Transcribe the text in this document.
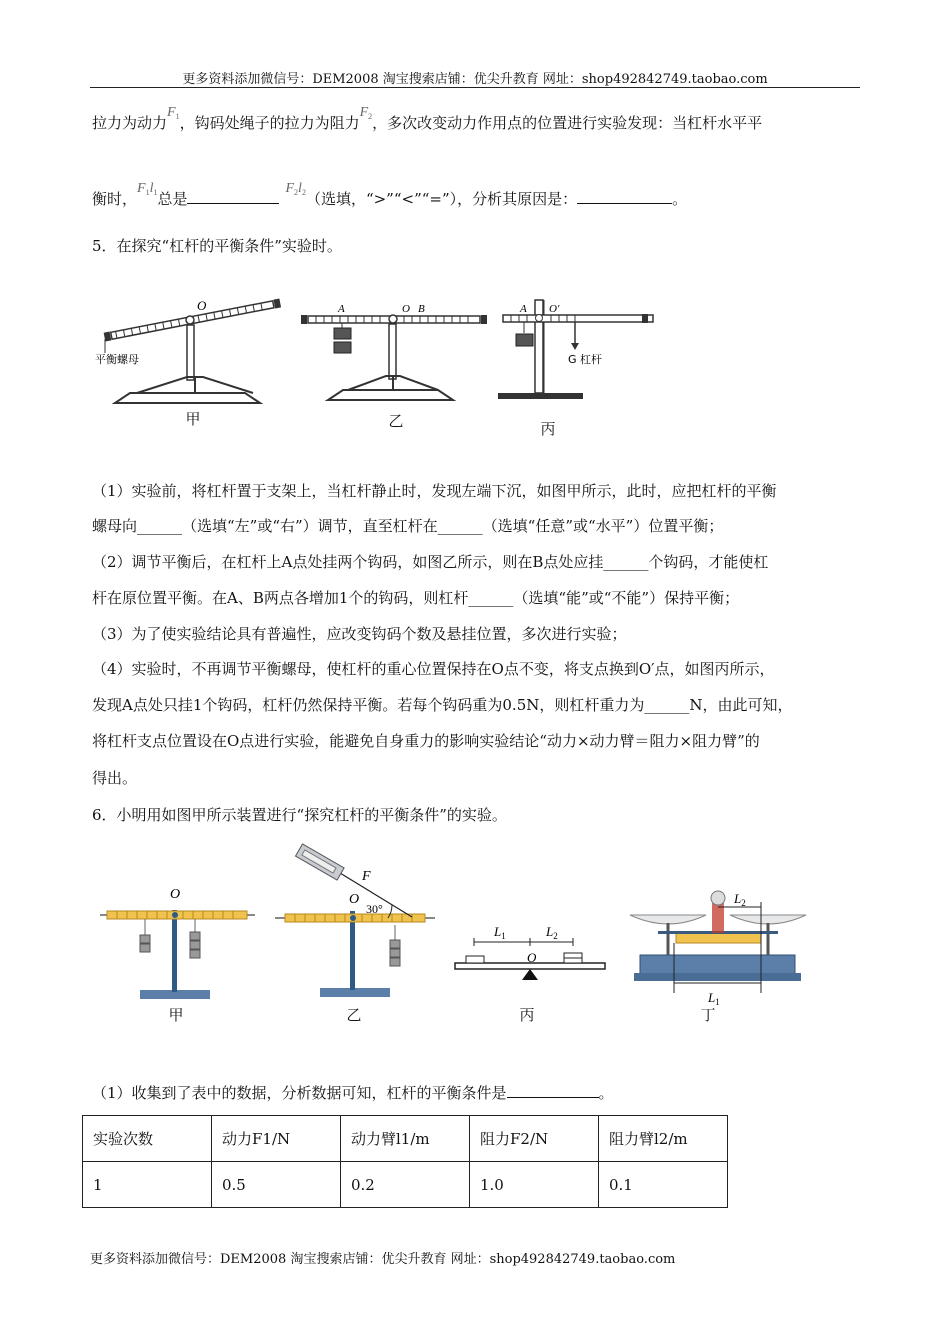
更多资料添加微信号：DEM2008 淘宝搜索店铺：优尖升教育 网址：shop492842749.taobao.com
拉力为动力$F_1$，钩码处绳子的拉力为阻力$F_2$，多次改变动力作用点的位置进行实验发现：当杠杆水平平
衡时，$F_1l_1$总是$F_2l_2$（选填，“>”“<”“=”），分析其原因是：	。
5．在探究“杠杆的平衡条件”实验时。
O
平衡螺母
甲
A	O B
乙
A O′
G 杠杆
丙
（1）实验前，将杠杆置于支架上，当杠杆静止时，发现左端下沉，如图甲所示，此时，应把杠杆的平衡
螺母向______（选填“左”或“右”）调节，直至杠杆在______（选填“任意”或“水平”）位置平衡；
（2）调节平衡后，在杠杆上A点处挂两个钩码，如图乙所示，则在B点处应挂______个钩码，才能使杠
杆在原位置平衡。在A、B两点各增加1个的钩码，则杠杆______（选填“能”或“不能”）保持平衡；
（3）为了使实验结论具有普遍性，应改变钩码个数及悬挂位置，多次进行实验；
（4）实验时，不再调节平衡螺母，使杠杆的重心位置保持在O点不变，将支点换到O′点，如图丙所示，
发现A点处只挂1个钩码，杠杆仍然保持平衡。若每个钩码重为0.5N，则杠杆重力为______N，由此可知，
将杠杆支点位置设在O点进行实验，能避免自身重力的影响实验结论“动力×动力臂＝阻力×阻力臂”的
得出。
6．小明用如图甲所示装置进行“探究杠杆的平衡条件”的实验。
O
甲
O
F
30°
乙
$L_1$	$L_2$
O
丙
$L_2$
$L_1$
丁
（1）收集到了表中的数据，分析数据可知，杠杆的平衡条件是	。
实验次数	动力F1/N	动力臂l1/m	阻力F2/N	阻力臂l2/m
1	0.5	0.2	1.0	0.1
更多资料添加微信号：DEM2008 淘宝搜索店铺：优尖升教育 网址：shop492842749.taobao.com
